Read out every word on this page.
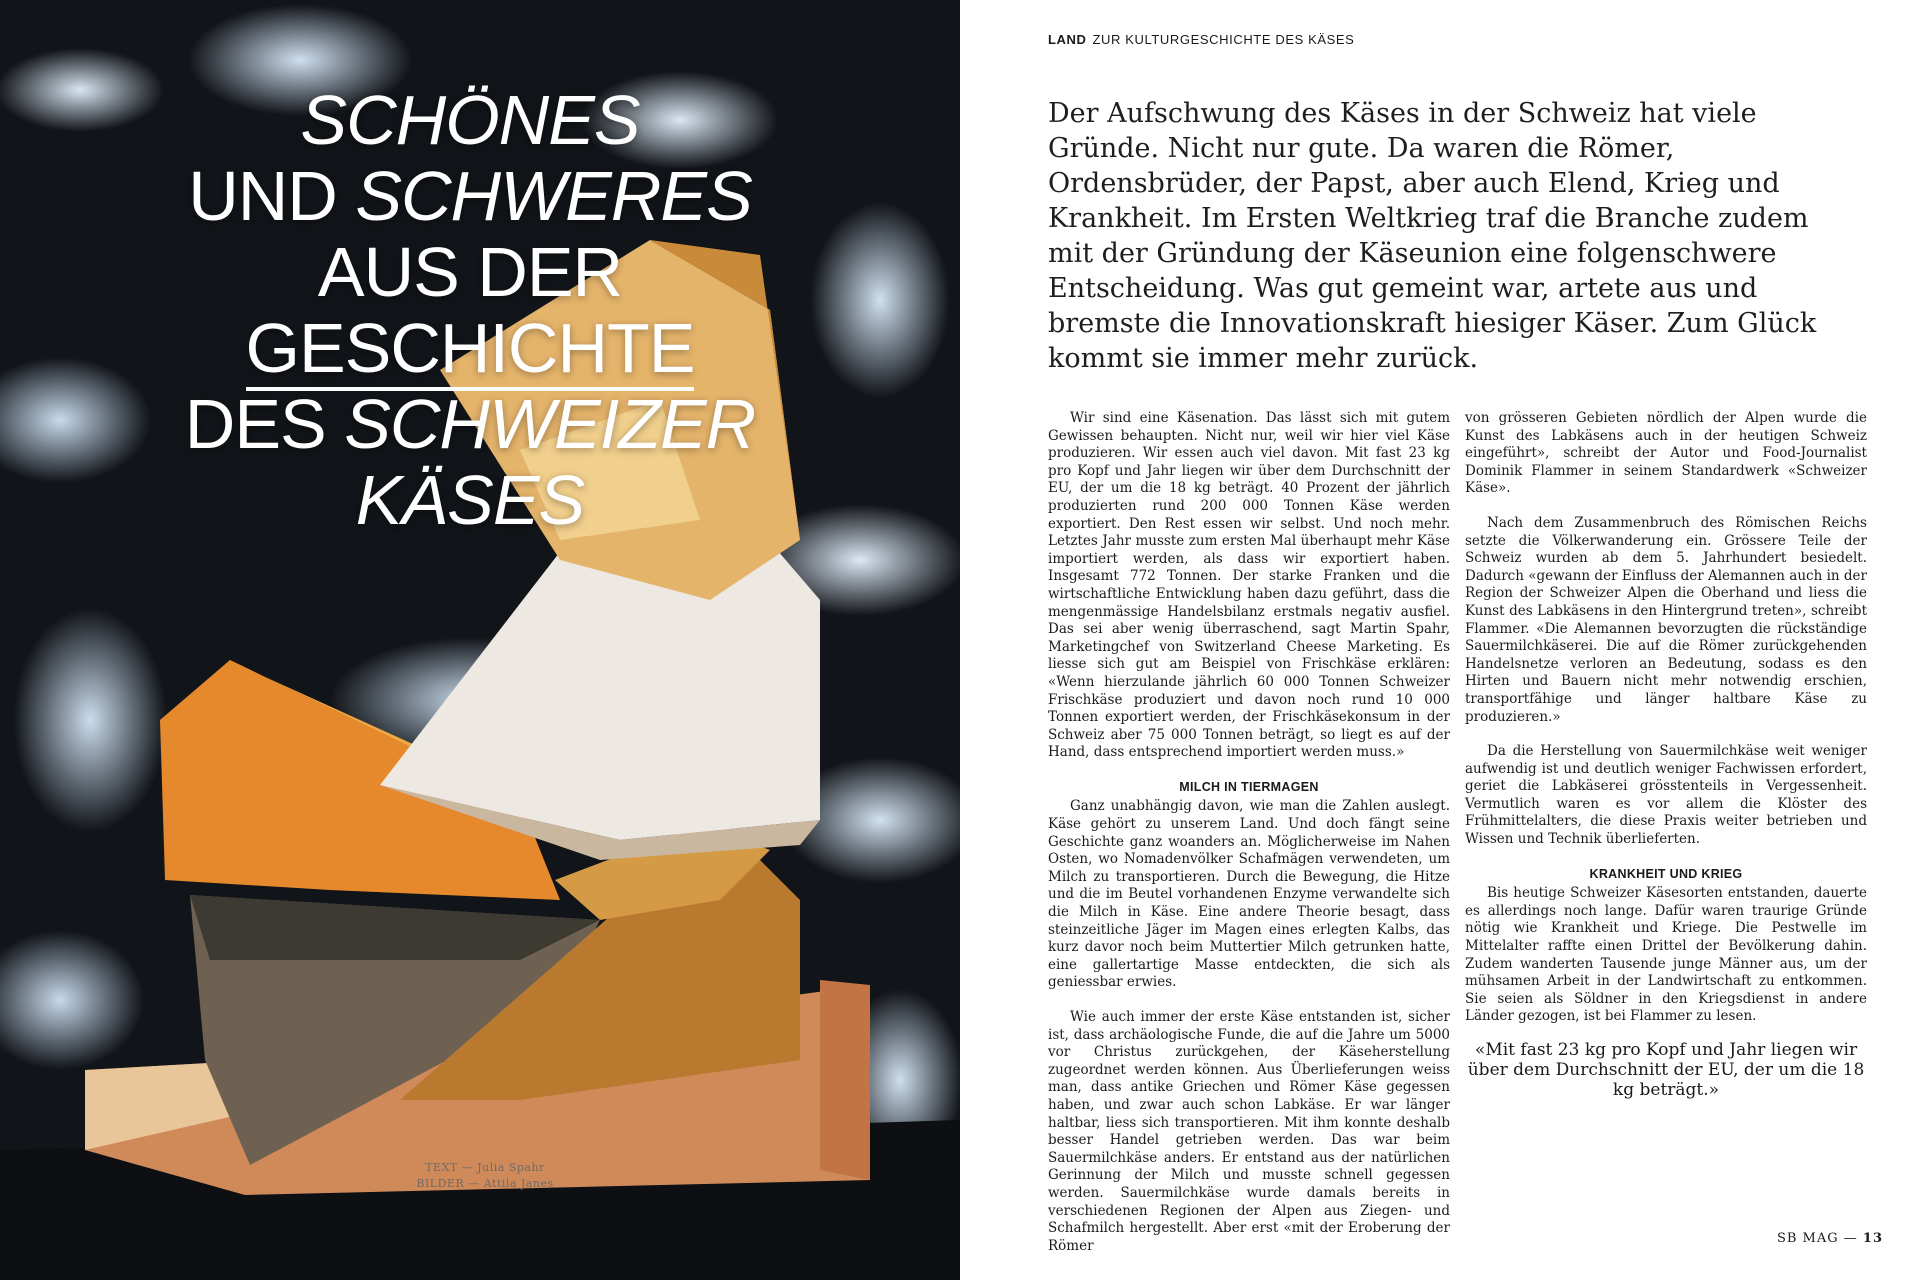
SCHÖNES
UND SCHWERES
AUS DER
GESCHICHTE
DES SCHWEIZER
KÄSES
TEXT — Julia Spahr
BILDER — Attila Janes
LAND ZUR KULTURGESCHICHTE DES KÄSES
Der Aufschwung des Käses in der Schweiz hat viele Gründe. Nicht nur gute. Da waren die Römer, Ordensbrüder, der Papst, aber auch Elend, Krieg und Krankheit. Im Ersten Weltkrieg traf die Branche zudem mit der Gründung der Käseunion eine folgenschwere Entscheidung. Was gut gemeint war, artete aus und bremste die Innovationskraft hiesiger Käser. Zum Glück kommt sie immer mehr zurück.

Wir sind eine Käsenation. Das lässt sich mit gutem Gewissen behaupten. Nicht nur, weil wir hier viel Käse produzieren. Wir essen auch viel davon. Mit fast 23 kg pro Kopf und Jahr liegen wir über dem Durchschnitt der EU, der um die 18 kg beträgt. 40 Prozent der jährlich produzierten rund 200 000 Tonnen Käse werden exportiert. Den Rest essen wir selbst. Und noch mehr. Letztes Jahr musste zum ersten Mal überhaupt mehr Käse importiert werden, als dass wir exportiert haben. Insgesamt 772 Tonnen. Der starke Franken und die wirtschaftliche Entwicklung haben dazu geführt, dass die mengenmässige Handelsbilanz erstmals negativ ausfiel. Das sei aber wenig überraschend, sagt Martin Spahr, Marketingchef von Switzerland Cheese Marketing. Es liesse sich gut am Beispiel von Frischkäse erklären: «Wenn hierzulande jährlich 60 000 Tonnen Schweizer Frischkäse produziert und davon noch rund 10 000 Tonnen exportiert werden, der Frischkäsekonsum in der Schweiz aber 75 000 Tonnen beträgt, so liegt es auf der Hand, dass entsprechend importiert werden muss.»

MILCH IN TIERMAGEN

Ganz unabhängig davon, wie man die Zahlen auslegt. Käse gehört zu unserem Land. Und doch fängt seine Geschichte ganz woanders an. Möglicherweise im Nahen Osten, wo Nomadenvölker Schafmägen verwendeten, um Milch zu transportieren. Durch die Bewegung, die Hitze und die im Beutel vorhandenen Enzyme verwandelte sich die Milch in Käse. Eine andere Theorie besagt, dass steinzeitliche Jäger im Magen eines erlegten Kalbs, das kurz davor noch beim Muttertier Milch getrunken hatte, eine gallertartige Masse entdeckten, die sich als geniessbar erwies.

Wie auch immer der erste Käse entstanden ist, sicher ist, dass archäologische Funde, die auf die Jahre um 5000 vor Christus zurückgehen, der Käseherstellung zugeordnet werden können. Aus Überlieferungen weiss man, dass antike Griechen und Römer Käse gegessen haben, und zwar auch schon Labkäse. Er war länger haltbar, liess sich transportieren. Mit ihm konnte deshalb besser Handel getrieben werden. Das war beim Sauermilchkäse anders. Er entstand aus der natürlichen Gerinnung der Milch und musste schnell gegessen werden. Sauermilchkäse wurde damals bereits in verschiedenen Regionen der Alpen aus Ziegen- und Schafmilch hergestellt. Aber erst «mit der Eroberung der Römer

von grösseren Gebieten nördlich der Alpen wurde die Kunst des Labkäsens auch in der heutigen Schweiz eingeführt», schreibt der Autor und Food-Journalist Dominik Flammer in seinem Standardwerk «Schweizer Käse».

Nach dem Zusammenbruch des Römischen Reichs setzte die Völkerwanderung ein. Grössere Teile der Schweiz wurden ab dem 5. Jahrhundert besiedelt. Dadurch «gewann der Einfluss der Alemannen auch in der Region der Schweizer Alpen die Oberhand und liess die Kunst des Labkäsens in den Hintergrund treten», schreibt Flammer. «Die Alemannen bevorzugten die rückständige Sauermilchkäserei. Die auf die Römer zurückgehenden Handelsnetze verloren an Bedeutung, sodass es den Hirten und Bauern nicht mehr notwendig erschien, transportfähige und länger haltbare Käse zu produzieren.»

Da die Herstellung von Sauermilchkäse weit weniger aufwendig ist und deutlich weniger Fachwissen erfordert, geriet die Labkäserei grösstenteils in Vergessenheit. Vermutlich waren es vor allem die Klöster des Frühmittelalters, die diese Praxis weiter betrieben und Wissen und Technik überlieferten.

KRANKHEIT UND KRIEG

Bis heutige Schweizer Käsesorten entstanden, dauerte es allerdings noch lange. Dafür waren traurige Gründe nötig wie Krankheit und Kriege. Die Pestwelle im Mittelalter raffte einen Drittel der Bevölkerung dahin. Zudem wanderten Tausende junge Männer aus, um der mühsamen Arbeit in der Landwirtschaft zu entkommen. Sie seien als Söldner in den Kriegsdienst in andere Länder gezogen, ist bei Flammer zu lesen.

«Mit fast 23 kg pro Kopf und Jahr liegen wir über dem Durchschnitt der EU, der um die 18 kg beträgt.»
SB MAG — 13
